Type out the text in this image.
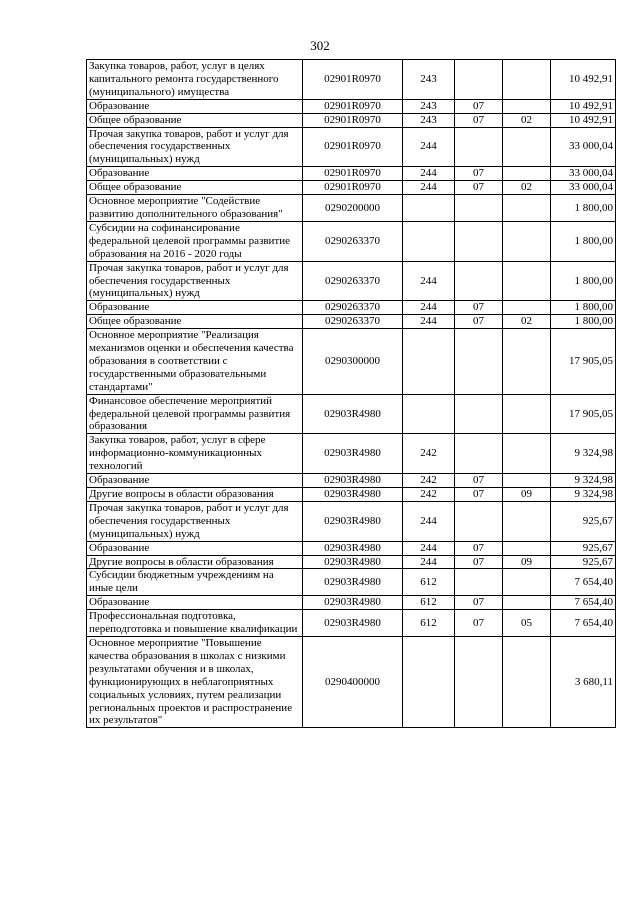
302
Закупка товаров, работ, услуг в целях капитального ремонта государственного (муниципального) имущества	02901R0970	243			10 492,91
Образование	02901R0970	243	07		10 492,91
Общее образование	02901R0970	243	07	02	10 492,91
Прочая закупка товаров, работ и услуг для обеспечения государственных (муниципальных) нужд	02901R0970	244			33 000,04
Образование	02901R0970	244	07		33 000,04
Общее образование	02901R0970	244	07	02	33 000,04
Основное мероприятие "Содействие развитию дополнительного образования"	0290200000				1 800,00
Субсидии на софинансирование федеральной целевой программы развитие образования на 2016 - 2020 годы	0290263370				1 800,00
Прочая закупка товаров, работ и услуг для обеспечения государственных (муниципальных) нужд	0290263370	244			1 800,00
Образование	0290263370	244	07		1 800,00
Общее образование	0290263370	244	07	02	1 800,00
Основное мероприятие "Реализация механизмов оценки и обеспечения качества образования в соответствии с государственными образовательными стандартами"	0290300000				17 905,05
Финансовое обеспечение мероприятий федеральной целевой программы развития образования	02903R4980				17 905,05
Закупка товаров, работ, услуг в сфере информационно-коммуникационных технологий	02903R4980	242			9 324,98
Образование	02903R4980	242	07		9 324,98
Другие вопросы в области образования	02903R4980	242	07	09	9 324,98
Прочая закупка товаров, работ и услуг для обеспечения государственных (муниципальных) нужд	02903R4980	244			925,67
Образование	02903R4980	244	07		925,67
Другие вопросы в области образования	02903R4980	244	07	09	925,67
Субсидии бюджетным учреждениям на иные цели	02903R4980	612			7 654,40
Образование	02903R4980	612	07		7 654,40
Профессиональная подготовка, переподготовка и повышение квалификации	02903R4980	612	07	05	7 654,40
Основное мероприятие "Повышение качества образования в школах с низкими результатами обучения и в школах, функционирующих в неблагоприятных социальных условиях, путем реализации региональных проектов и распространение их результатов"	0290400000				3 680,11
